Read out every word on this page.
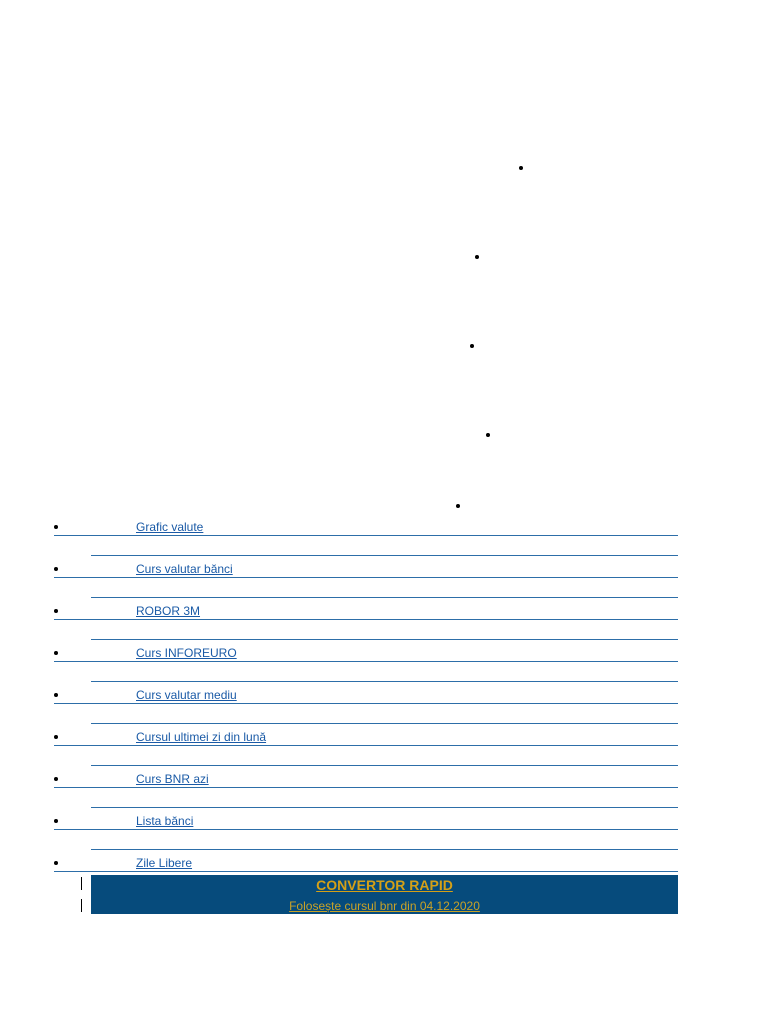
Grafic valute
Curs valutar bănci
ROBOR 3M
Curs INFOREURO
Curs valutar mediu
Cursul ultimei zi din lună
Curs BNR azi
Lista bănci
Zile Libere
CONVERTOR RAPID
Folosește cursul bnr din 04.12.2020
